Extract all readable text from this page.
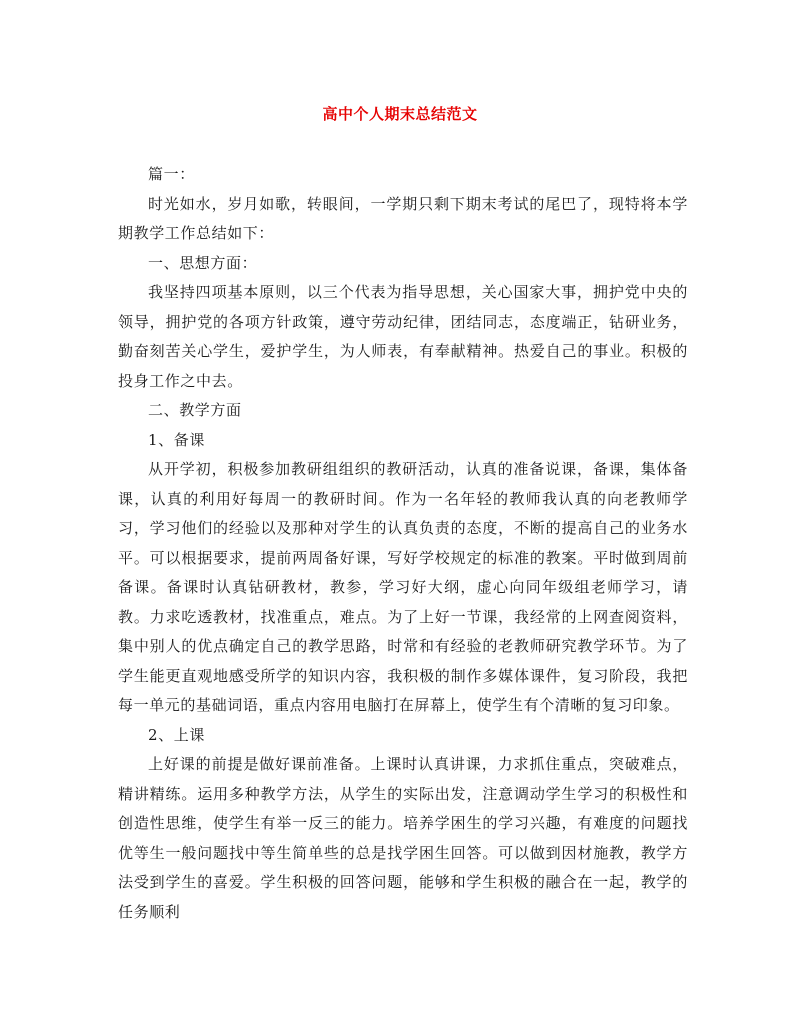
高中个人期末总结范文

篇一：

时光如水，岁月如歌，转眼间，一学期只剩下期末考试的尾巴了，现特将本学期教学工作总结如下：

一、思想方面：

我坚持四项基本原则，以三个代表为指导思想，关心国家大事，拥护党中央的领导，拥护党的各项方针政策，遵守劳动纪律，团结同志，态度端正，钻研业务，勤奋刻苦关心学生，爱护学生，为人师表，有奉献精神。热爱自己的事业。积极的投身工作之中去。

二、教学方面

1、备课

从开学初，积极参加教研组组织的教研活动，认真的准备说课，备课，集体备课，认真的利用好每周一的教研时间。作为一名年轻的教师我认真的向老教师学习，学习他们的经验以及那种对学生的认真负责的态度，不断的提高自己的业务水平。可以根据要求，提前两周备好课，写好学校规定的标准的教案。平时做到周前备课。备课时认真钻研教材，教参，学习好大纲，虚心向同年级组老师学习，请教。力求吃透教材，找准重点，难点。为了上好一节课，我经常的上网查阅资料，集中别人的优点确定自己的教学思路，时常和有经验的老教师研究教学环节。为了学生能更直观地感受所学的知识内容，我积极的制作多媒体课件，复习阶段，我把每一单元的基础词语，重点内容用电脑打在屏幕上，使学生有个清晰的复习印象。

2、上课

上好课的前提是做好课前准备。上课时认真讲课，力求抓住重点，突破难点，精讲精练。运用多种教学方法，从学生的实际出发，注意调动学生学习的积极性和创造性思维，使学生有举一反三的能力。培养学困生的学习兴趣，有难度的问题找优等生一般问题找中等生简单些的总是找学困生回答。可以做到因材施教，教学方法受到学生的喜爱。学生积极的回答问题，能够和学生积极的融合在一起，教学的任务顺利
